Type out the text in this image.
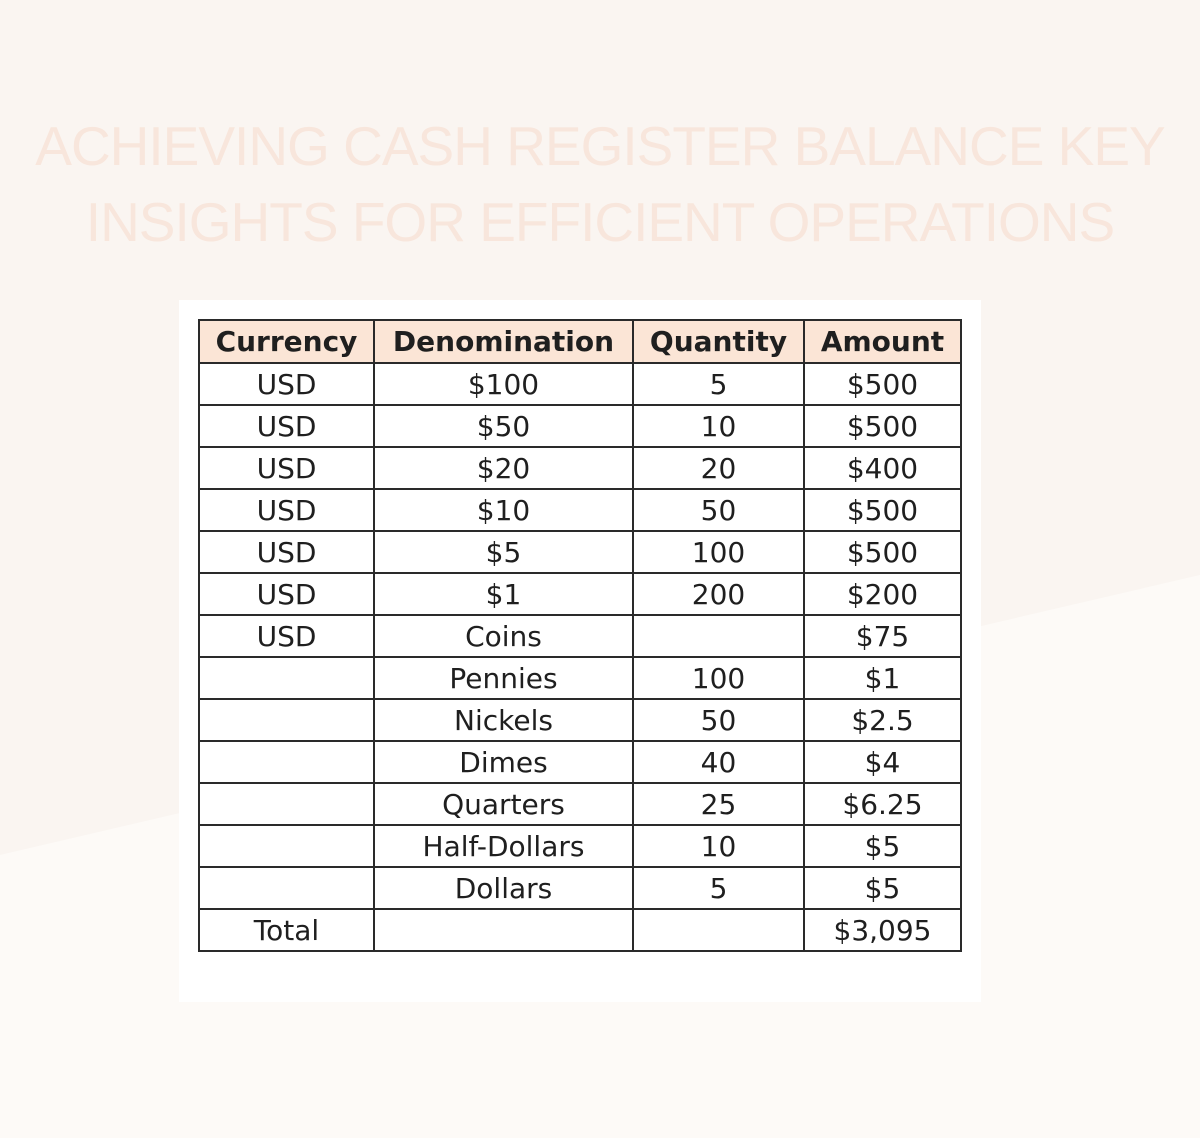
ACHIEVING CASH REGISTER BALANCE KEY
INSIGHTS FOR EFFICIENT OPERATIONS
Currency	Denomination	Quantity	Amount
USD	$100	5	$500
USD	$50	10	$500
USD	$20	20	$400
USD	$10	50	$500
USD	$5	100	$500
USD	$1	200	$200
USD	Coins		$75
	Pennies	100	$1
	Nickels	50	$2.5
	Dimes	40	$4
	Quarters	25	$6.25
	Half-Dollars	10	$5
	Dollars	5	$5
Total			$3,095
